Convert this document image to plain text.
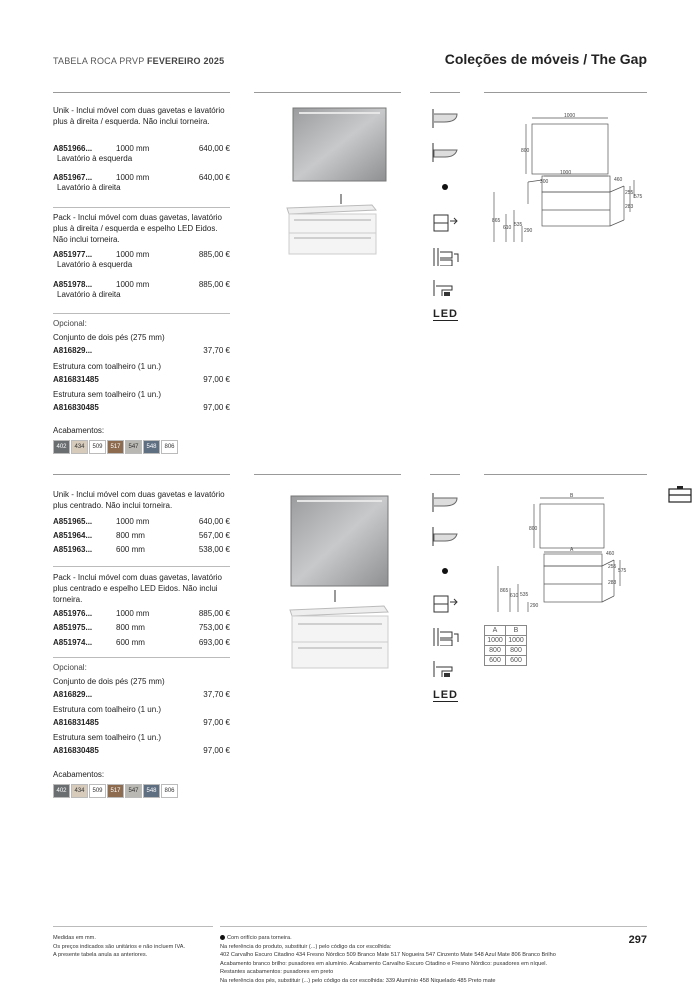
TABELA ROCA PRVP FEVEREIRO 2025	Coleções de móveis / The Gap
Unik - Inclui móvel com duas gavetas e lavatório plus à direita / esquerda. Não inclui torneira.
A851966...	1000 mm	640,00 €
Lavatório à esquerda
A851967...	1000 mm	640,00 €
Lavatório à direita
Pack - Inclui móvel com duas gavetas, lavatório plus à direita / esquerda e espelho LED Eidos. Não inclui torneira.
A851977...	1000 mm	885,00 €
Lavatório à esquerda
A851978...	1000 mm	885,00 €
Lavatório à direita
Opcional:
Conjunto de dois pés (275 mm)
A816829...	37,70 €
Estrutura com toalheiro (1 un.)
A816831485	97,00 €
Estrutura sem toalheiro (1 un.)
A816830485	97,00 €
Acabamentos:
402 434 509 517 547 548 806
LED
1000
800
1000
460
300
255
575
283
865
610 535
290
Unik - Inclui móvel com duas gavetas e lavatório plus centrado. Não inclui torneira.
A851965...	1000 mm	640,00 €
A851964...	800 mm	567,00 €
A851963...	600 mm	538,00 €
Pack - Inclui móvel com duas gavetas, lavatório plus centrado e espelho LED Eidos. Não inclui torneira.
A851976...	1000 mm	885,00 €
A851975...	800 mm	753,00 €
A851974...	600 mm	693,00 €
Opcional:
Conjunto de dois pés (275 mm)
A816829...	37,70 €
Estrutura com toalheiro (1 un.)
A816831485	97,00 €
Estrutura sem toalheiro (1 un.)
A816830485	97,00 €
Acabamentos:
402 434 509 517 547 548 806
LED
B
800
A
460
255
575
283
865
610 535
290
A	B
1000	1000
800	800
600	600
Medidas em mm.
Os preços indicados são unitários e não incluem IVA.
A presente tabela anula as anteriores.
Com orifício para torneira.
Na referência do produto, substituir (...) pelo código da cor escolhida:
402 Carvalho Escuro Citadino 434 Fresno Nórdico 509 Branco Mate 517 Nogueira 547 Cinzento Mate 548 Azul Mate 806 Branco Brilho
Acabamento branco brilho: puxadores em alumínio. Acabamento Carvalho Escuro Citadino e Fresno Nórdico: puxadores em níquel.
Restantes acabamentos: puxadores em preto
Na referência dos pés, substituir (...) pelo código da cor escolhida: 339 Alumínio 458 Niquelado 485 Preto mate
297
